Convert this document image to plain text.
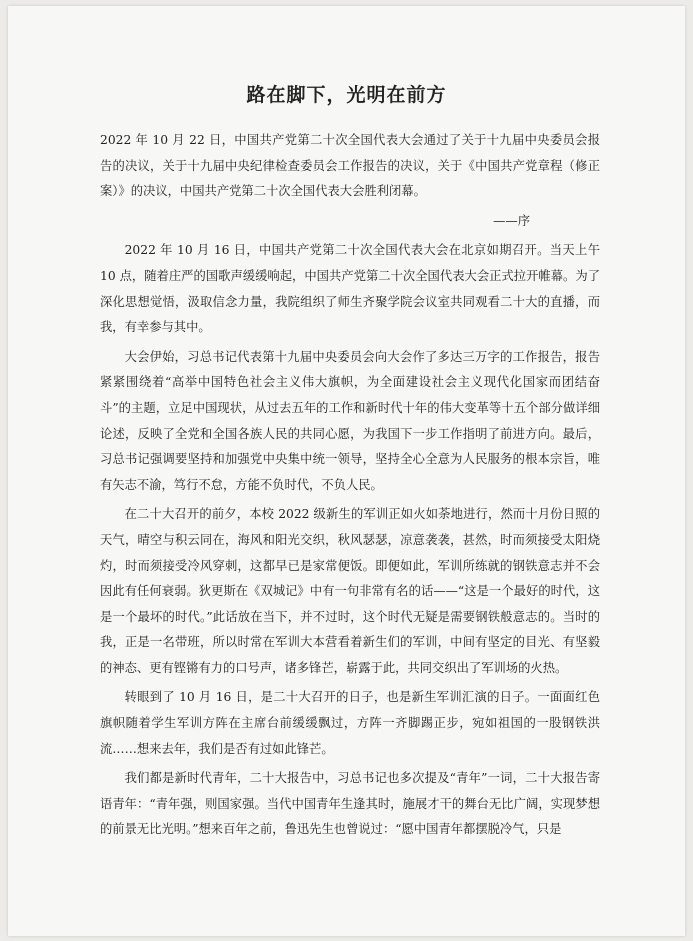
路在脚下，光明在前方

2022 年 10 月 22 日，中国共产党第二十次全国代表大会通过了关于十九届中央委员会报告的决议，关于十九届中央纪律检查委员会工作报告的决议，关于《中国共产党章程（修正案）》的决议，中国共产党第二十次全国代表大会胜利闭幕。

——序

2022 年 10 月 16 日，中国共产党第二十次全国代表大会在北京如期召开。当天上午 10 点，随着庄严的国歌声缓缓响起，中国共产党第二十次全国代表大会正式拉开帷幕。为了深化思想觉悟，汲取信念力量，我院组织了师生齐聚学院会议室共同观看二十大的直播，而我，有幸参与其中。

大会伊始，习总书记代表第十九届中央委员会向大会作了多达三万字的工作报告，报告紧紧围绕着“高举中国特色社会主义伟大旗帜，为全面建设社会主义现代化国家而团结奋斗”的主题，立足中国现状，从过去五年的工作和新时代十年的伟大变革等十五个部分做详细论述，反映了全党和全国各族人民的共同心愿，为我国下一步工作指明了前进方向。最后，习总书记强调要坚持和加强党中央集中统一领导，坚持全心全意为人民服务的根本宗旨，唯有矢志不渝，笃行不怠，方能不负时代，不负人民。

在二十大召开的前夕，本校 2022 级新生的军训正如火如荼地进行，然而十月份日照的天气，晴空与积云同在，海风和阳光交织，秋风瑟瑟，凉意袭袭，甚然，时而须接受太阳烧灼，时而须接受冷风穿刺，这都早已是家常便饭。即便如此，军训所练就的钢铁意志并不会因此有任何衰弱。狄更斯在《双城记》中有一句非常有名的话——“这是一个最好的时代，这是一个最坏的时代。”此话放在当下，并不过时，这个时代无疑是需要钢铁般意志的。当时的我，正是一名带班，所以时常在军训大本营看着新生们的军训，中间有坚定的目光、有坚毅的神态、更有铿锵有力的口号声，诸多锋芒，崭露于此，共同交织出了军训场的火热。

转眼到了 10 月 16 日，是二十大召开的日子，也是新生军训汇演的日子。一面面红色旗帜随着学生军训方阵在主席台前缓缓飘过，方阵一齐脚踢正步，宛如祖国的一股钢铁洪流……想来去年，我们是否有过如此锋芒。

我们都是新时代青年，二十大报告中，习总书记也多次提及“青年”一词，二十大报告寄语青年：“青年强，则国家强。当代中国青年生逢其时，施展才干的舞台无比广阔，实现梦想的前景无比光明。”想来百年之前，鲁迅先生也曾说过：“愿中国青年都摆脱冷气，只是
